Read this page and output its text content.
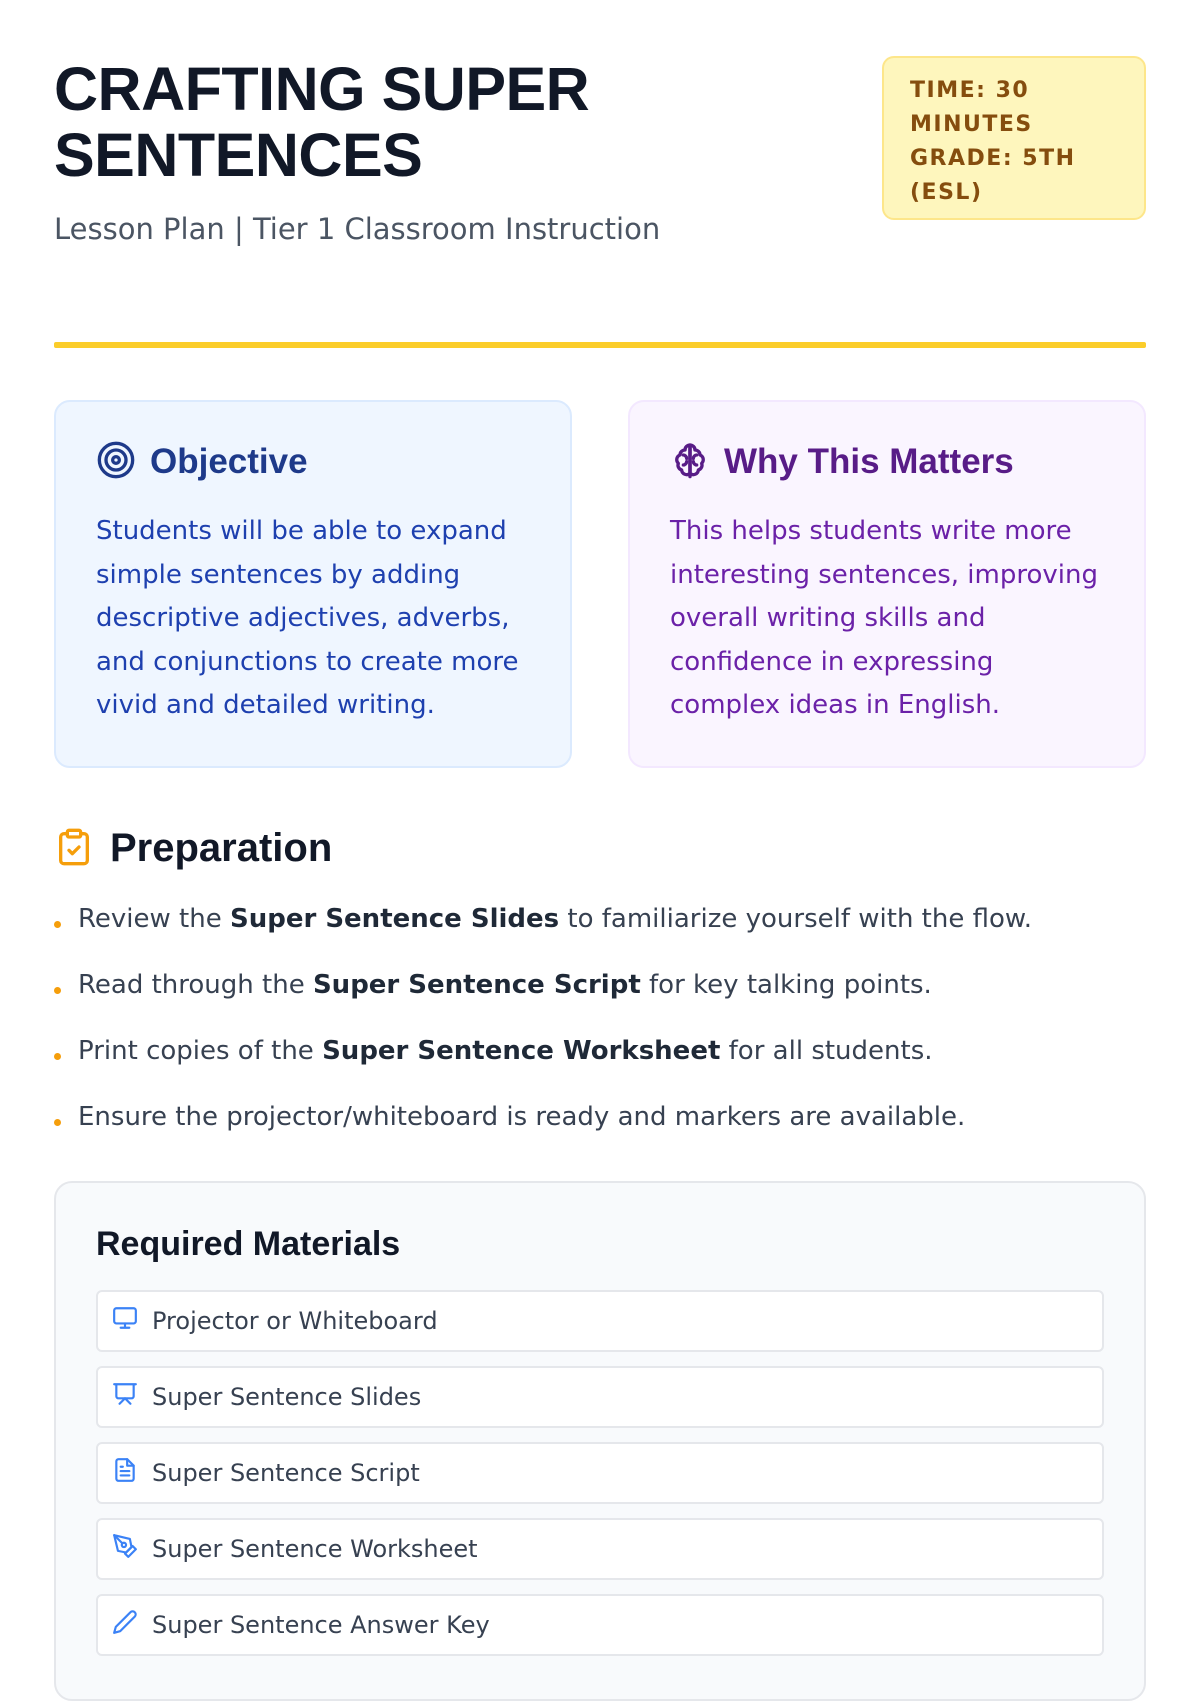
CRAFTING SUPER SENTENCES
Lesson Plan | Tier 1 Classroom Instruction
TIME: 30 MINUTES
GRADE: 5TH (ESL)
Objective

Students will be able to expand simple sentences by adding descriptive adjectives, adverbs, and conjunctions to create more vivid and detailed writing.

Why This Matters

This helps students write more interesting sentences, improving overall writing skills and confidence in expressing complex ideas in English.

Preparation
Review the Super Sentence Slides to familiarize yourself with the flow.
Read through the Super Sentence Script for key talking points.
Print copies of the Super Sentence Worksheet for all students.
Ensure the projector/whiteboard is ready and markers are available.
Required Materials
Projector or Whiteboard
Super Sentence Slides
Super Sentence Script
Super Sentence Worksheet
Super Sentence Answer Key
